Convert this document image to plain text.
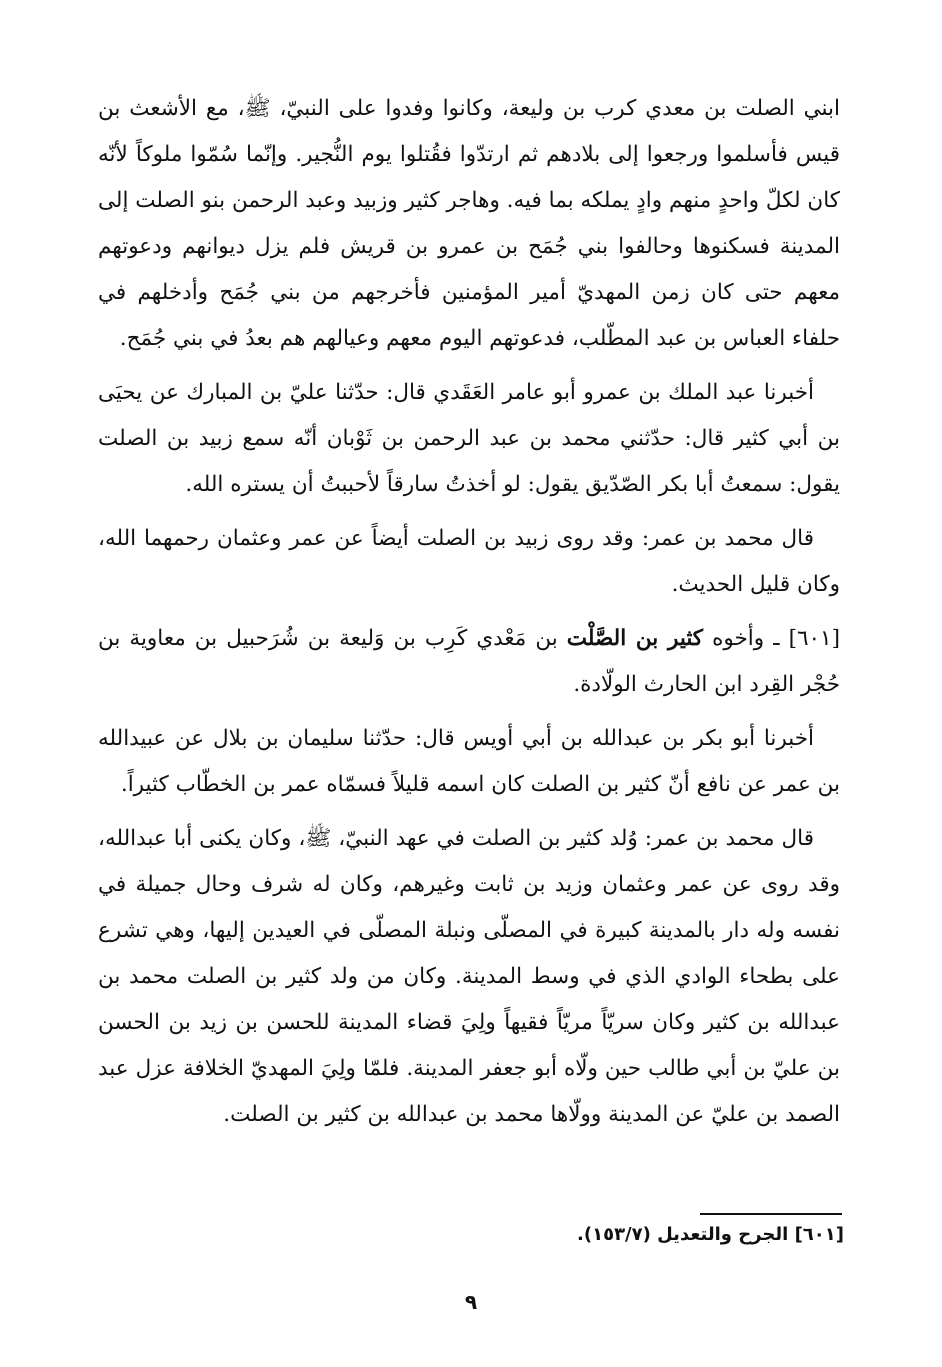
ابني الصلت بن معدي كرب بن وليعة، وكانوا وفدوا على النبيّ، ﷺ، مع الأشعث بن قيس فأسلموا ورجعوا إلى بلادهم ثم ارتدّوا فقُتلوا يوم النُّجير. وإنّما سُمّوا ملوكاً لأنّه كان لكلّ واحدٍ منهم وادٍ يملكه بما فيه. وهاجر كثير وزبيد وعبد الرحمن بنو الصلت إلى المدينة فسكنوها وحالفوا بني جُمَح بن عمرو بن قريش فلم يزل ديوانهم ودعوتهم معهم حتى كان زمن المهديّ أمير المؤمنين فأخرجهم من بني جُمَح وأدخلهم في حلفاء العباس بن عبد المطّلب، فدعوتهم اليوم معهم وعيالهم هم بعدُ في بني جُمَح.

أخبرنا عبد الملك بن عمرو أبو عامر العَقَدي قال: حدّثنا عليّ بن المبارك عن يحيَى بن أبي كثير قال: حدّثني محمد بن عبد الرحمن بن ثَوْبان أنّه سمع زبيد بن الصلت يقول: سمعتُ أبا بكر الصّدّيق يقول: لو أخذتُ سارقاً لأحببتُ أن يستره الله.

قال محمد بن عمر: وقد روى زبيد بن الصلت أيضاً عن عمر وعثمان رحمهما الله، وكان قليل الحديث.

[٦٠١] ـ وأخوه كثير بن الصَّلْت بن مَعْدي كَرِب بن وَليعة بن شُرَحبيل بن معاوية بن حُجْر القِرد ابن الحارث الولّادة.

أخبرنا أبو بكر بن عبدالله بن أبي أويس قال: حدّثنا سليمان بن بلال عن عبيدالله بن عمر عن نافع أنّ كثير بن الصلت كان اسمه قليلاً فسمّاه عمر بن الخطّاب كثيراً.

قال محمد بن عمر: وُلد كثير بن الصلت في عهد النبيّ، ﷺ، وكان يكنى أبا عبدالله، وقد روى عن عمر وعثمان وزيد بن ثابت وغيرهم، وكان له شرف وحال جميلة في نفسه وله دار بالمدينة كبيرة في المصلّى ونبلة المصلّى في العيدين إليها، وهي تشرع على بطحاء الوادي الذي في وسط المدينة. وكان من ولد كثير بن الصلت محمد بن عبدالله بن كثير وكان سريّاً مريّاً فقيهاً ولِيَ قضاء المدينة للحسن بن زيد بن الحسن بن عليّ بن أبي طالب حين ولّاه أبو جعفر المدينة. فلمّا ولِيَ المهديّ الخلافة عزل عبد الصمد بن عليّ عن المدينة وولّاها محمد بن عبدالله بن كثير بن الصلت.

[٦٠١] الجرح والتعديل (١٥٣/٧).
٩
